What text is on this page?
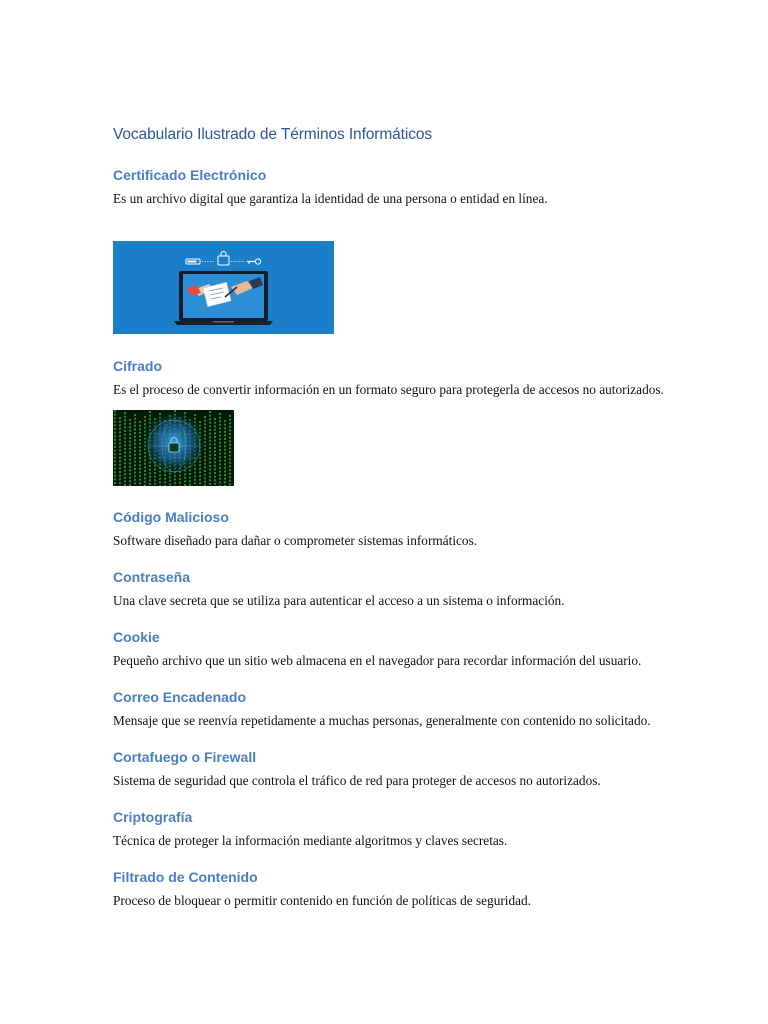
Vocabulario Ilustrado de Términos Informáticos
Certificado Electrónico

Es un archivo digital que garantiza la identidad de una persona o entidad en línea.

Cifrado

Es el proceso de convertir información en un formato seguro para protegerla de accesos no autorizados.

Código Malicioso

Software diseñado para dañar o comprometer sistemas informáticos.

Contraseña

Una clave secreta que se utiliza para autenticar el acceso a un sistema o información.

Cookie

Pequeño archivo que un sitio web almacena en el navegador para recordar información del usuario.

Correo Encadenado

Mensaje que se reenvía repetidamente a muchas personas, generalmente con contenido no solicitado.

Cortafuego o Firewall

Sistema de seguridad que controla el tráfico de red para proteger de accesos no autorizados.

Criptografía

Técnica de proteger la información mediante algoritmos y claves secretas.

Filtrado de Contenido

Proceso de bloquear o permitir contenido en función de políticas de seguridad.
